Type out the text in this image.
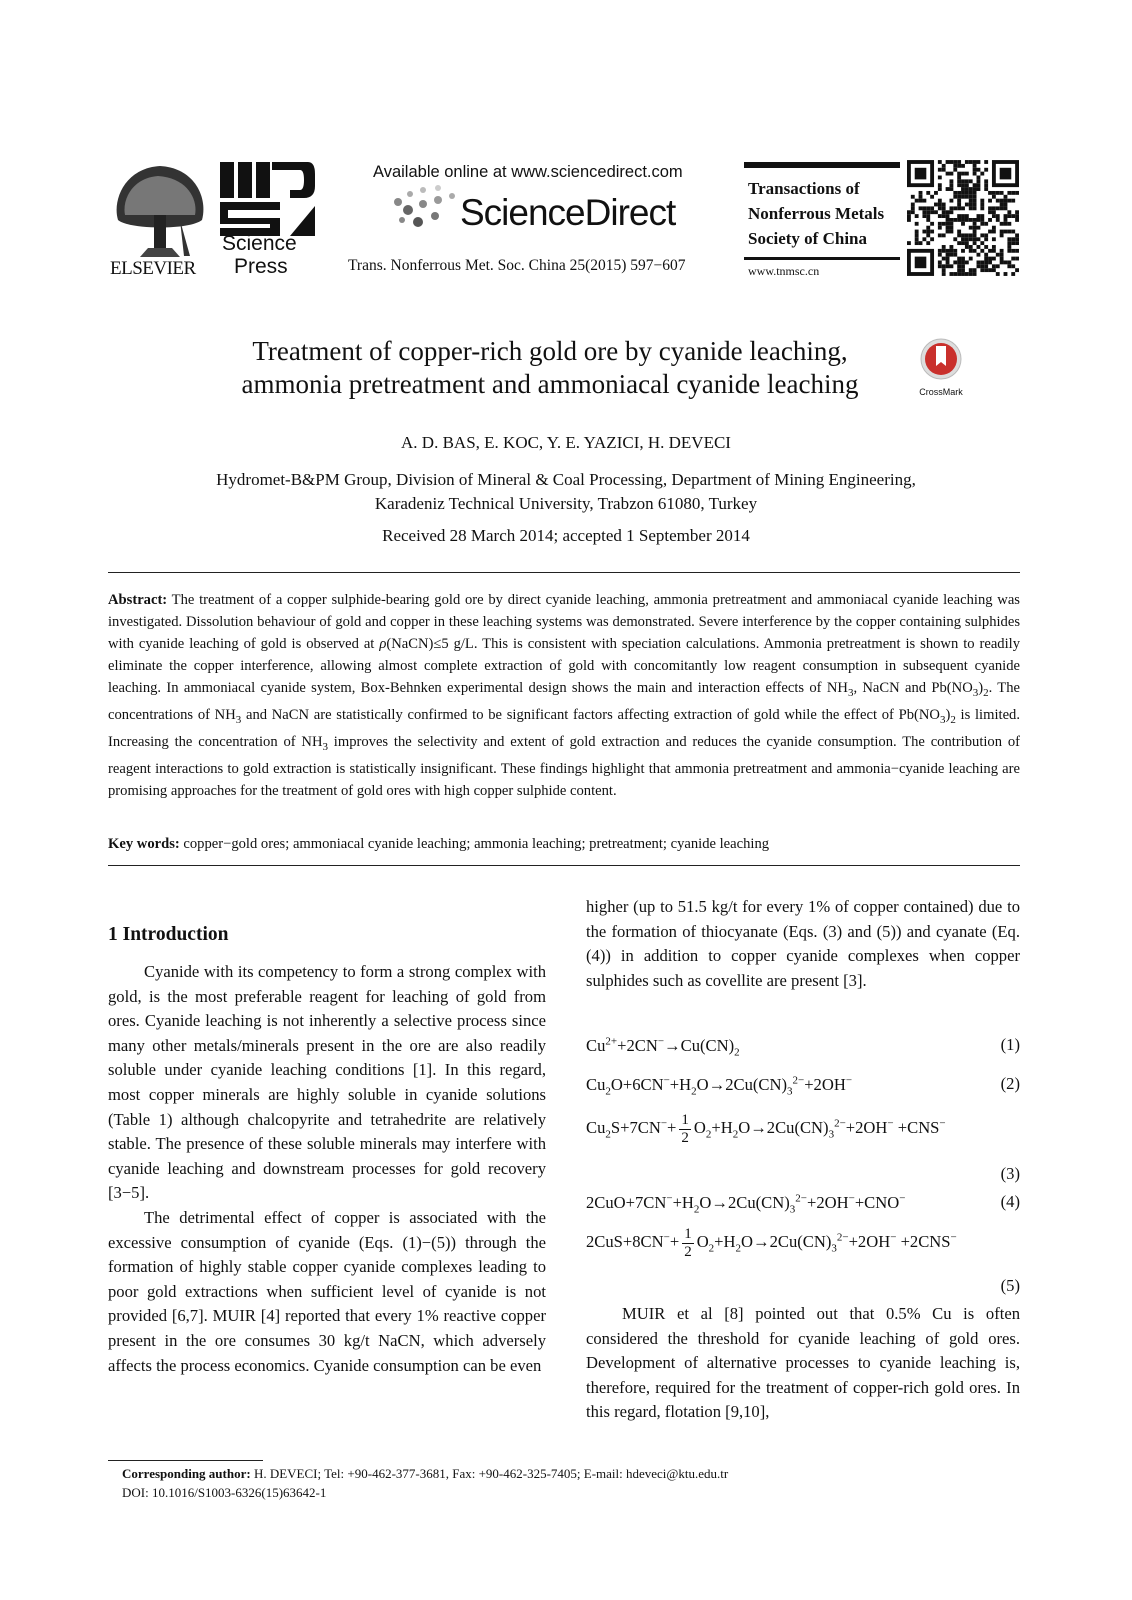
ELSEVIER
Science
Press
Available online at www.sciencedirect.com
ScienceDirect
Trans. Nonferrous Met. Soc. China 25(2015) 597−607
Transactions of
Nonferrous Metals
Society of China
www.tnmsc.cn
Treatment of copper-rich gold ore by cyanide leaching,
ammonia pretreatment and ammoniacal cyanide leaching	CrossMark
A. D. BAS, E. KOC, Y. E. YAZICI, H. DEVECI
Hydromet-B&PM Group, Division of Mineral & Coal Processing, Department of Mining Engineering,
Karadeniz Technical University, Trabzon 61080, Turkey
Received 28 March 2014; accepted 1 September 2014
Abstract: The treatment of a copper sulphide-bearing gold ore by direct cyanide leaching, ammonia pretreatment and ammoniacal cyanide leaching was investigated. Dissolution behaviour of gold and copper in these leaching systems was demonstrated. Severe interference by the copper containing sulphides with cyanide leaching of gold is observed at ρ(NaCN)≤5 g/L. This is consistent with speciation calculations. Ammonia pretreatment is shown to readily eliminate the copper interference, allowing almost complete extraction of gold with concomitantly low reagent consumption in subsequent cyanide leaching. In ammoniacal cyanide system, Box-Behnken experimental design shows the main and interaction effects of $NH_3$, NaCN and $Pb(NO_3)_2$. The concentrations of $NH_3$ and NaCN are statistically confirmed to be significant factors affecting extraction of gold while the effect of $Pb(NO_3)_2$ is limited. Increasing the concentration of $NH_3$ improves the selectivity and extent of gold extraction and reduces the cyanide consumption. The contribution of reagent interactions to gold extraction is statistically insignificant. These findings highlight that ammonia pretreatment and ammonia−cyanide leaching are promising approaches for the treatment of gold ores with high copper sulphide content.
Key words: copper−gold ores; ammoniacal cyanide leaching; ammonia leaching; pretreatment; cyanide leaching
1 Introduction

Cyanide with its competency to form a strong complex with gold, is the most preferable reagent for leaching of gold from ores. Cyanide leaching is not inherently a selective process since many other metals/minerals present in the ore are also readily soluble under cyanide leaching conditions [1]. In this regard, most copper minerals are highly soluble in cyanide solutions (Table 1) although chalcopyrite and tetrahedrite are relatively stable. The presence of these soluble minerals may interfere with cyanide leaching and downstream processes for gold recovery [3−5].

The detrimental effect of copper is associated with the excessive consumption of cyanide (Eqs. (1)−(5)) through the formation of highly stable copper cyanide complexes leading to poor gold extractions when sufficient level of cyanide is not provided [6,7]. MUIR [4] reported that every 1% reactive copper present in the ore consumes 30 kg/t NaCN, which adversely affects the process economics. Cyanide consumption can be even

higher (up to 51.5 kg/t for every 1% of copper contained) due to the formation of thiocyanate (Eqs. (3) and (5)) and cyanate (Eq. (4)) in addition to copper cyanide complexes when copper sulphides such as covellite are present [3].

$Cu^{2+}+2CN^-\to Cu(CN)_2$	(1)
$Cu_2O+6CN^-+H_2O\to 2Cu(CN)_3^{2-}+2OH^-$	(2)
$Cu_2S+7CN^-+ \frac{1}{2} O_2+H_2O\to 2Cu(CN)_3^{2-}+2OH^- +CNS^-$
(3)
$2CuO+7CN^-+H_2O\to 2Cu(CN)_3^{2-}+2OH^-+CNO^-$	(4)
$2CuS+8CN^-+ \frac{1}{2} O_2+H_2O\to 2Cu(CN)_3^{2-}+2OH^- +2CNS^-$
(5)

MUIR et al [8] pointed out that 0.5% Cu is often considered the threshold for cyanide leaching of gold ores. Development of alternative processes to cyanide leaching is, therefore, required for the treatment of copper-rich gold ores. In this regard, flotation [9,10],

Corresponding author: H. DEVECI; Tel: +90-462-377-3681, Fax: +90-462-325-7405; E-mail: hdeveci@ktu.edu.tr
DOI: 10.1016/S1003-6326(15)63642-1
